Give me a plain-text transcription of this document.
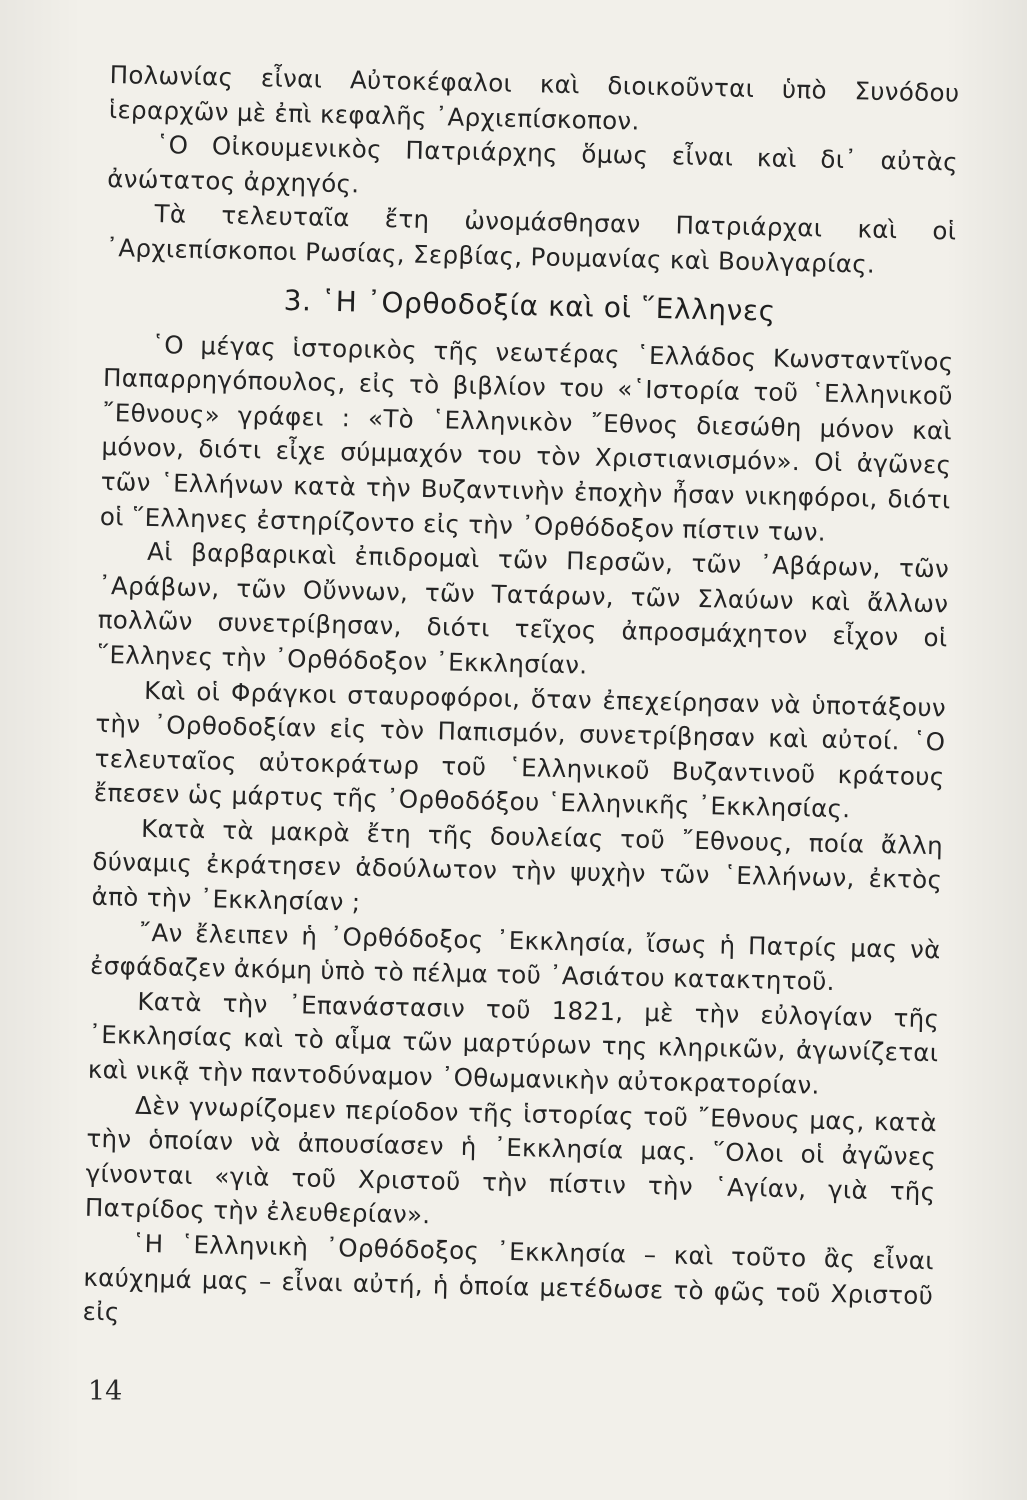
Πολωνίας εἶναι Αὐτοκέφαλοι καὶ διοικοῦνται ὑπὸ Συνόδου ἱεραρχῶν μὲ ἐπὶ κεφαλῆς ᾿Αρχιεπίσκοπον.

῾Ο Οἰκουμενικὸς Πατριάρχης ὅμως εἶναι καὶ δι᾿ αὐτὰς ἀνώτατος ἀρχηγός.

Τὰ τελευταῖα ἔτη ὠνομάσθησαν Πατριάρχαι καὶ οἱ ᾿Αρχιεπίσκοποι Ρωσίας, Σερβίας, Ρουμανίας καὶ Βουλγαρίας.

3. ῾Η ᾿Ορθοδοξία καὶ οἱ ῞Ελληνες

῾Ο μέγας ἱστορικὸς τῆς νεωτέρας ῾Ελλάδος Κωνσταντῖνος Παπαρρηγόπουλος, εἰς τὸ βιβλίον του «῾Ιστορία τοῦ ῾Ελληνικοῦ ῎Εθνους» γράφει : «Τὸ ῾Ελληνικὸν ῎Εθνος διεσώθη μόνον καὶ μόνον, διότι εἶχε σύμμαχόν του τὸν Χριστιανισμόν». Οἱ ἀγῶνες τῶν ῾Ελλήνων κατὰ τὴν Βυζαντινὴν ἐποχὴν ἦσαν νικηφόροι, διότι οἱ ῞Ελληνες ἐστηρίζοντο εἰς τὴν ᾿Ορθόδοξον πίστιν των.

Αἱ βαρβαρικαὶ ἐπιδρομαὶ τῶν Περσῶν, τῶν ᾿Αβάρων, τῶν ᾿Αράβων, τῶν Οὔννων, τῶν Τατάρων, τῶν Σλαύων καὶ ἄλλων πολλῶν συνετρίβησαν, διότι τεῖχος ἀπροσμάχητον εἶχον οἱ ῞Ελληνες τὴν ᾿Ορθόδοξον ᾿Εκκλησίαν.

Καὶ οἱ Φράγκοι σταυροφόροι, ὅταν ἐπεχείρησαν νὰ ὑποτάξουν τὴν ᾿Ορθοδοξίαν εἰς τὸν Παπισμόν, συνετρίβησαν καὶ αὐτοί. ῾Ο τελευταῖος αὐτοκράτωρ τοῦ ῾Ελληνικοῦ Βυζαντινοῦ κράτους ἔπεσεν ὡς μάρτυς τῆς ᾿Ορθοδόξου ῾Ελληνικῆς ᾿Εκκλησίας.

Κατὰ τὰ μακρὰ ἔτη τῆς δουλείας τοῦ ῎Εθνους, ποία ἄλλη δύναμις ἐκράτησεν ἀδούλωτον τὴν ψυχὴν τῶν ῾Ελλήνων, ἐκτὸς ἀπὸ τὴν ᾿Εκκλησίαν ;

῎Αν ἔλειπεν ἡ ᾿Ορθόδοξος ᾿Εκκλησία, ἴσως ἡ Πατρίς μας νὰ ἐσφάδαζεν ἀκόμη ὑπὸ τὸ πέλμα τοῦ ᾿Ασιάτου κατακτητοῦ.

Κατὰ τὴν ᾿Επανάστασιν τοῦ 1821, μὲ τὴν εὐλογίαν τῆς ᾿Εκκλησίας καὶ τὸ αἷμα τῶν μαρτύρων της κληρικῶν, ἀγωνίζεται καὶ νικᾷ τὴν παντοδύναμον ᾿Οθωμανικὴν αὐτοκρατορίαν.

Δὲν γνωρίζομεν περίοδον τῆς ἱστορίας τοῦ ῎Εθνους μας, κατὰ τὴν ὁποίαν νὰ ἀπουσίασεν ἡ ᾿Εκκλησία μας. ῞Ολοι οἱ ἀγῶνες γίνονται «γιὰ τοῦ Χριστοῦ τὴν πίστιν τὴν ῾Αγίαν, γιὰ τῆς Πατρίδος τὴν ἐλευθερίαν».

῾Η ῾Ελληνικὴ ᾿Ορθόδοξος ᾿Εκκλησία – καὶ τοῦτο ἂς εἶναι καύχημά μας – εἶναι αὐτή, ἡ ὁποία μετέδωσε τὸ φῶς τοῦ Χριστοῦ εἰς

14
